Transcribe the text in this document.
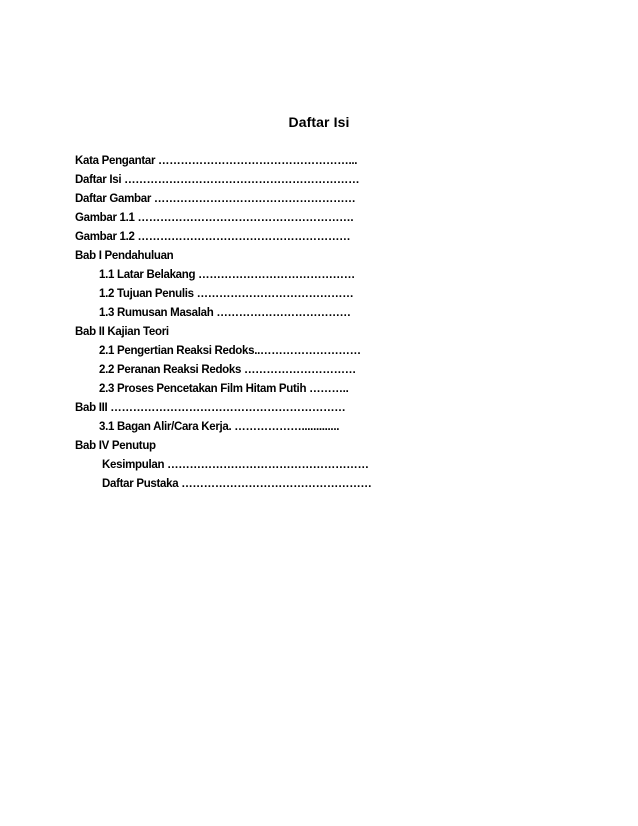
Daftar Isi
Kata Pengantar ……………………………………………...
Daftar Isi ………………………………………………………
Daftar Gambar ………………………………………………
Gambar 1.1 ………………………………………………….
Gambar 1.2 …………………………………………………
Bab I Pendahuluan
1.1 Latar Belakang ……………………………………
1.2 Tujuan Penulis ……………………………………
1.3 Rumusan Masalah ………………………………
Bab II Kajian Teori
2.1 Pengertian Reaksi Redoks..………………………
2.2 Peranan Reaksi Redoks …………………………
2.3 Proses Pencetakan Film Hitam Putih ………..
Bab III ………………………………………………………
3.1 Bagan Alir/Cara Kerja. ……………….............
Bab IV Penutup
Kesimpulan ………………………………………………
Daftar Pustaka ……………………………………………
